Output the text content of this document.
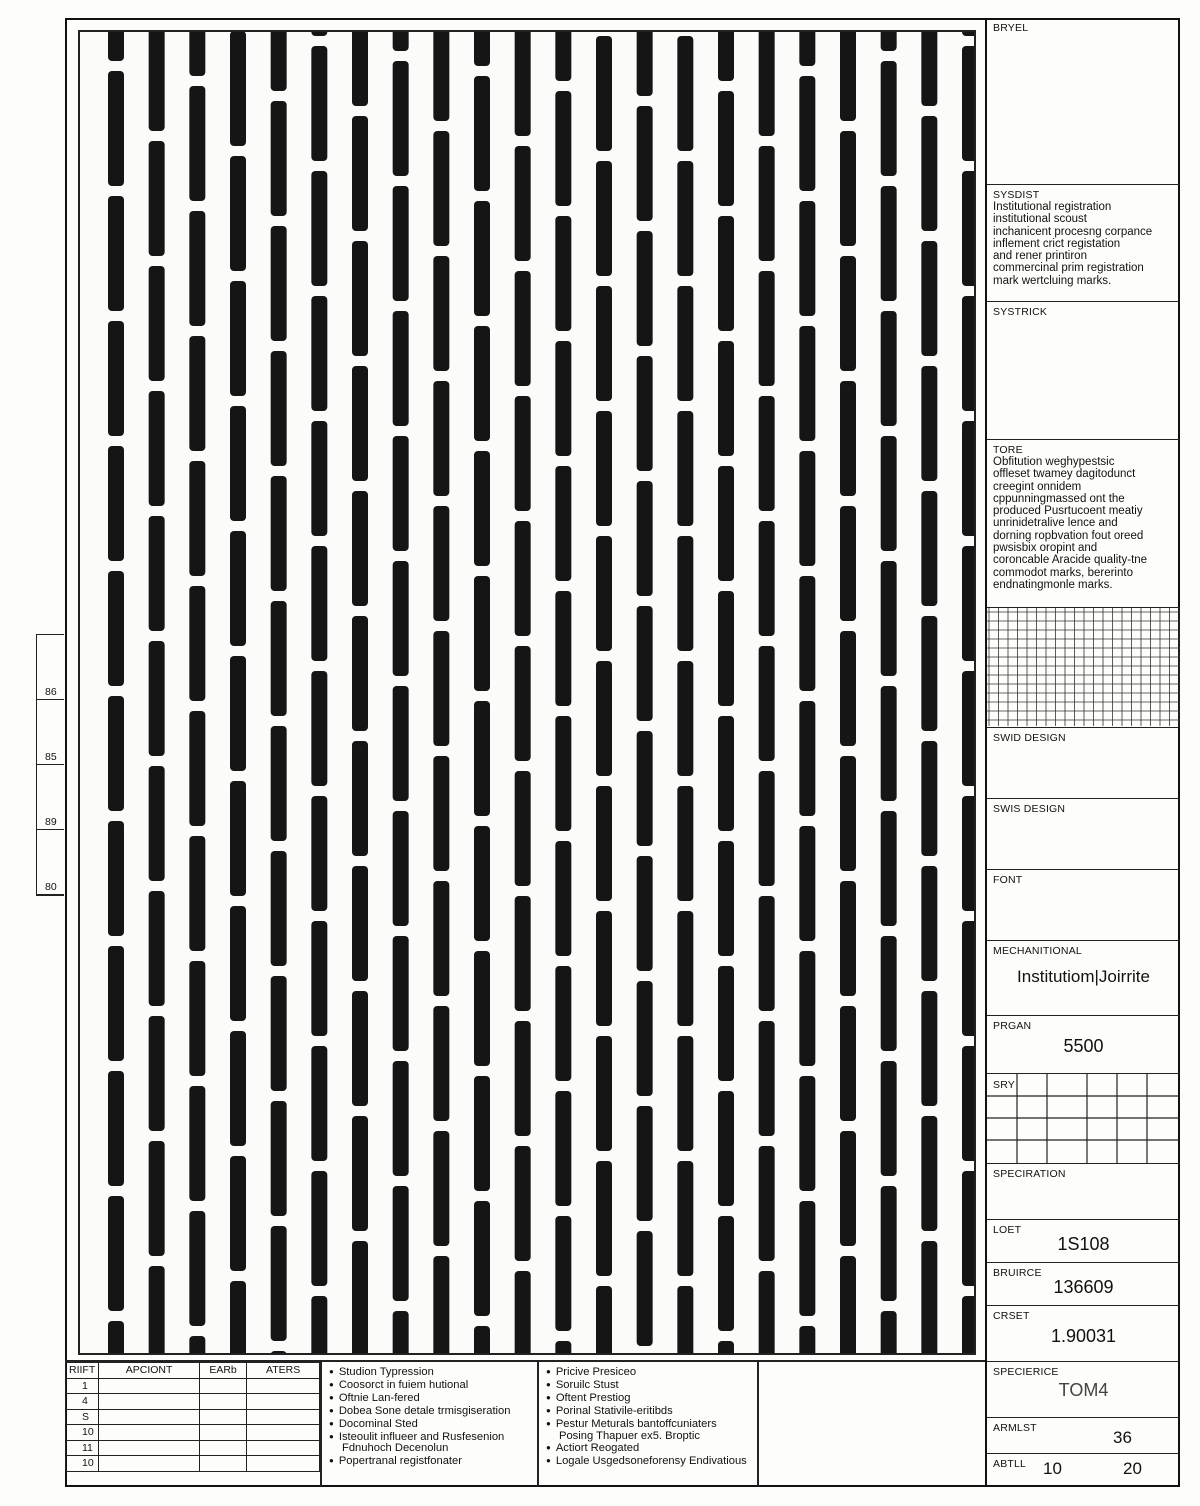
86
85
89
80
BRYEL
SYSDIST
Institutional registration
institutional scoust
inchanicent procesng corpance
inflement crict registation
and rener printiron
commercinal prim registration
mark wertcluing marks.
SYSTRICK
TORE
Obfitution weghypestsic
offleset twamey dagitodunct
creegint onnidem
cppunningmassed ont the
produced Pusrtucoent meatiy
unrinidetralive lence and
dorning ropbvation fout oreed
pwsisbix oropint and
coroncable Aracide quality-tne
commodot marks, bererinto
endnatingmonle marks.
SWID DESIGN
SWIS DESIGN
FONT
MECHANITIONAL
Institutiom|Joirrite
PRGAN
5500
SRY
SPECIRATION
LOET
1S108
BRUIRCE
136609
CRSET
1.90031
SPECIERICE
TOM4
ARMLST	36
ABTLL 10	20
RIIFT	APCIONT	EARb	ATERS
1			
4			
S			
10			
11			
10			
● Studion Typression
● Coosorct in fuiem hutional
● Oftnie Lan-fered
● Dobea Sone detale trmisgiseration
● Docominal Sted
● Isteoulit influeer and Rusfesenion
Fdnuhoch Decenolun
● Popertranal registfonater
● Pricive Presiceo
● Soruilc Stust
● Oftent Prestiog
● Porinal Stativile-eritibds
● Pestur Meturals bantoffcuniaters
Posing Thapuer ex5. Broptic
● Actiort Reogated
● Logale Usgedsoneforensy Endivatious
